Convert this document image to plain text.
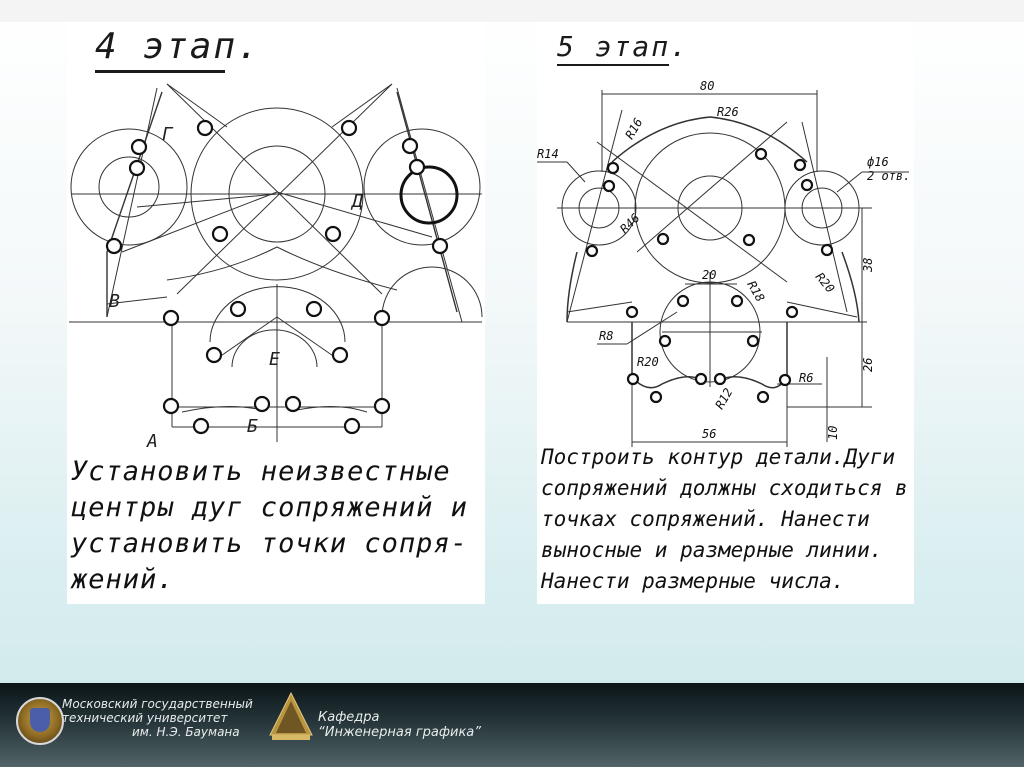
Г
Д
В
Е
А
Б
4 этап.
Установить неизвестные
центры дуг сопряжений и
установить точки сопря-
жений.
80
R26
R16
R14
ф16
2 отв.
R46
R18
20	R20
38
R8
R20	26
R6
R12
56	10
5 этап.
Построить контур детали.Дуги
сопряжений должны сходиться в
точках сопряжений. Нанести
выносные и размерные линии.
Нанести размерные числа.
Московский государственный
технический университет
им. Н.Э. Баумана
Кафедра
“Инженерная графика”
